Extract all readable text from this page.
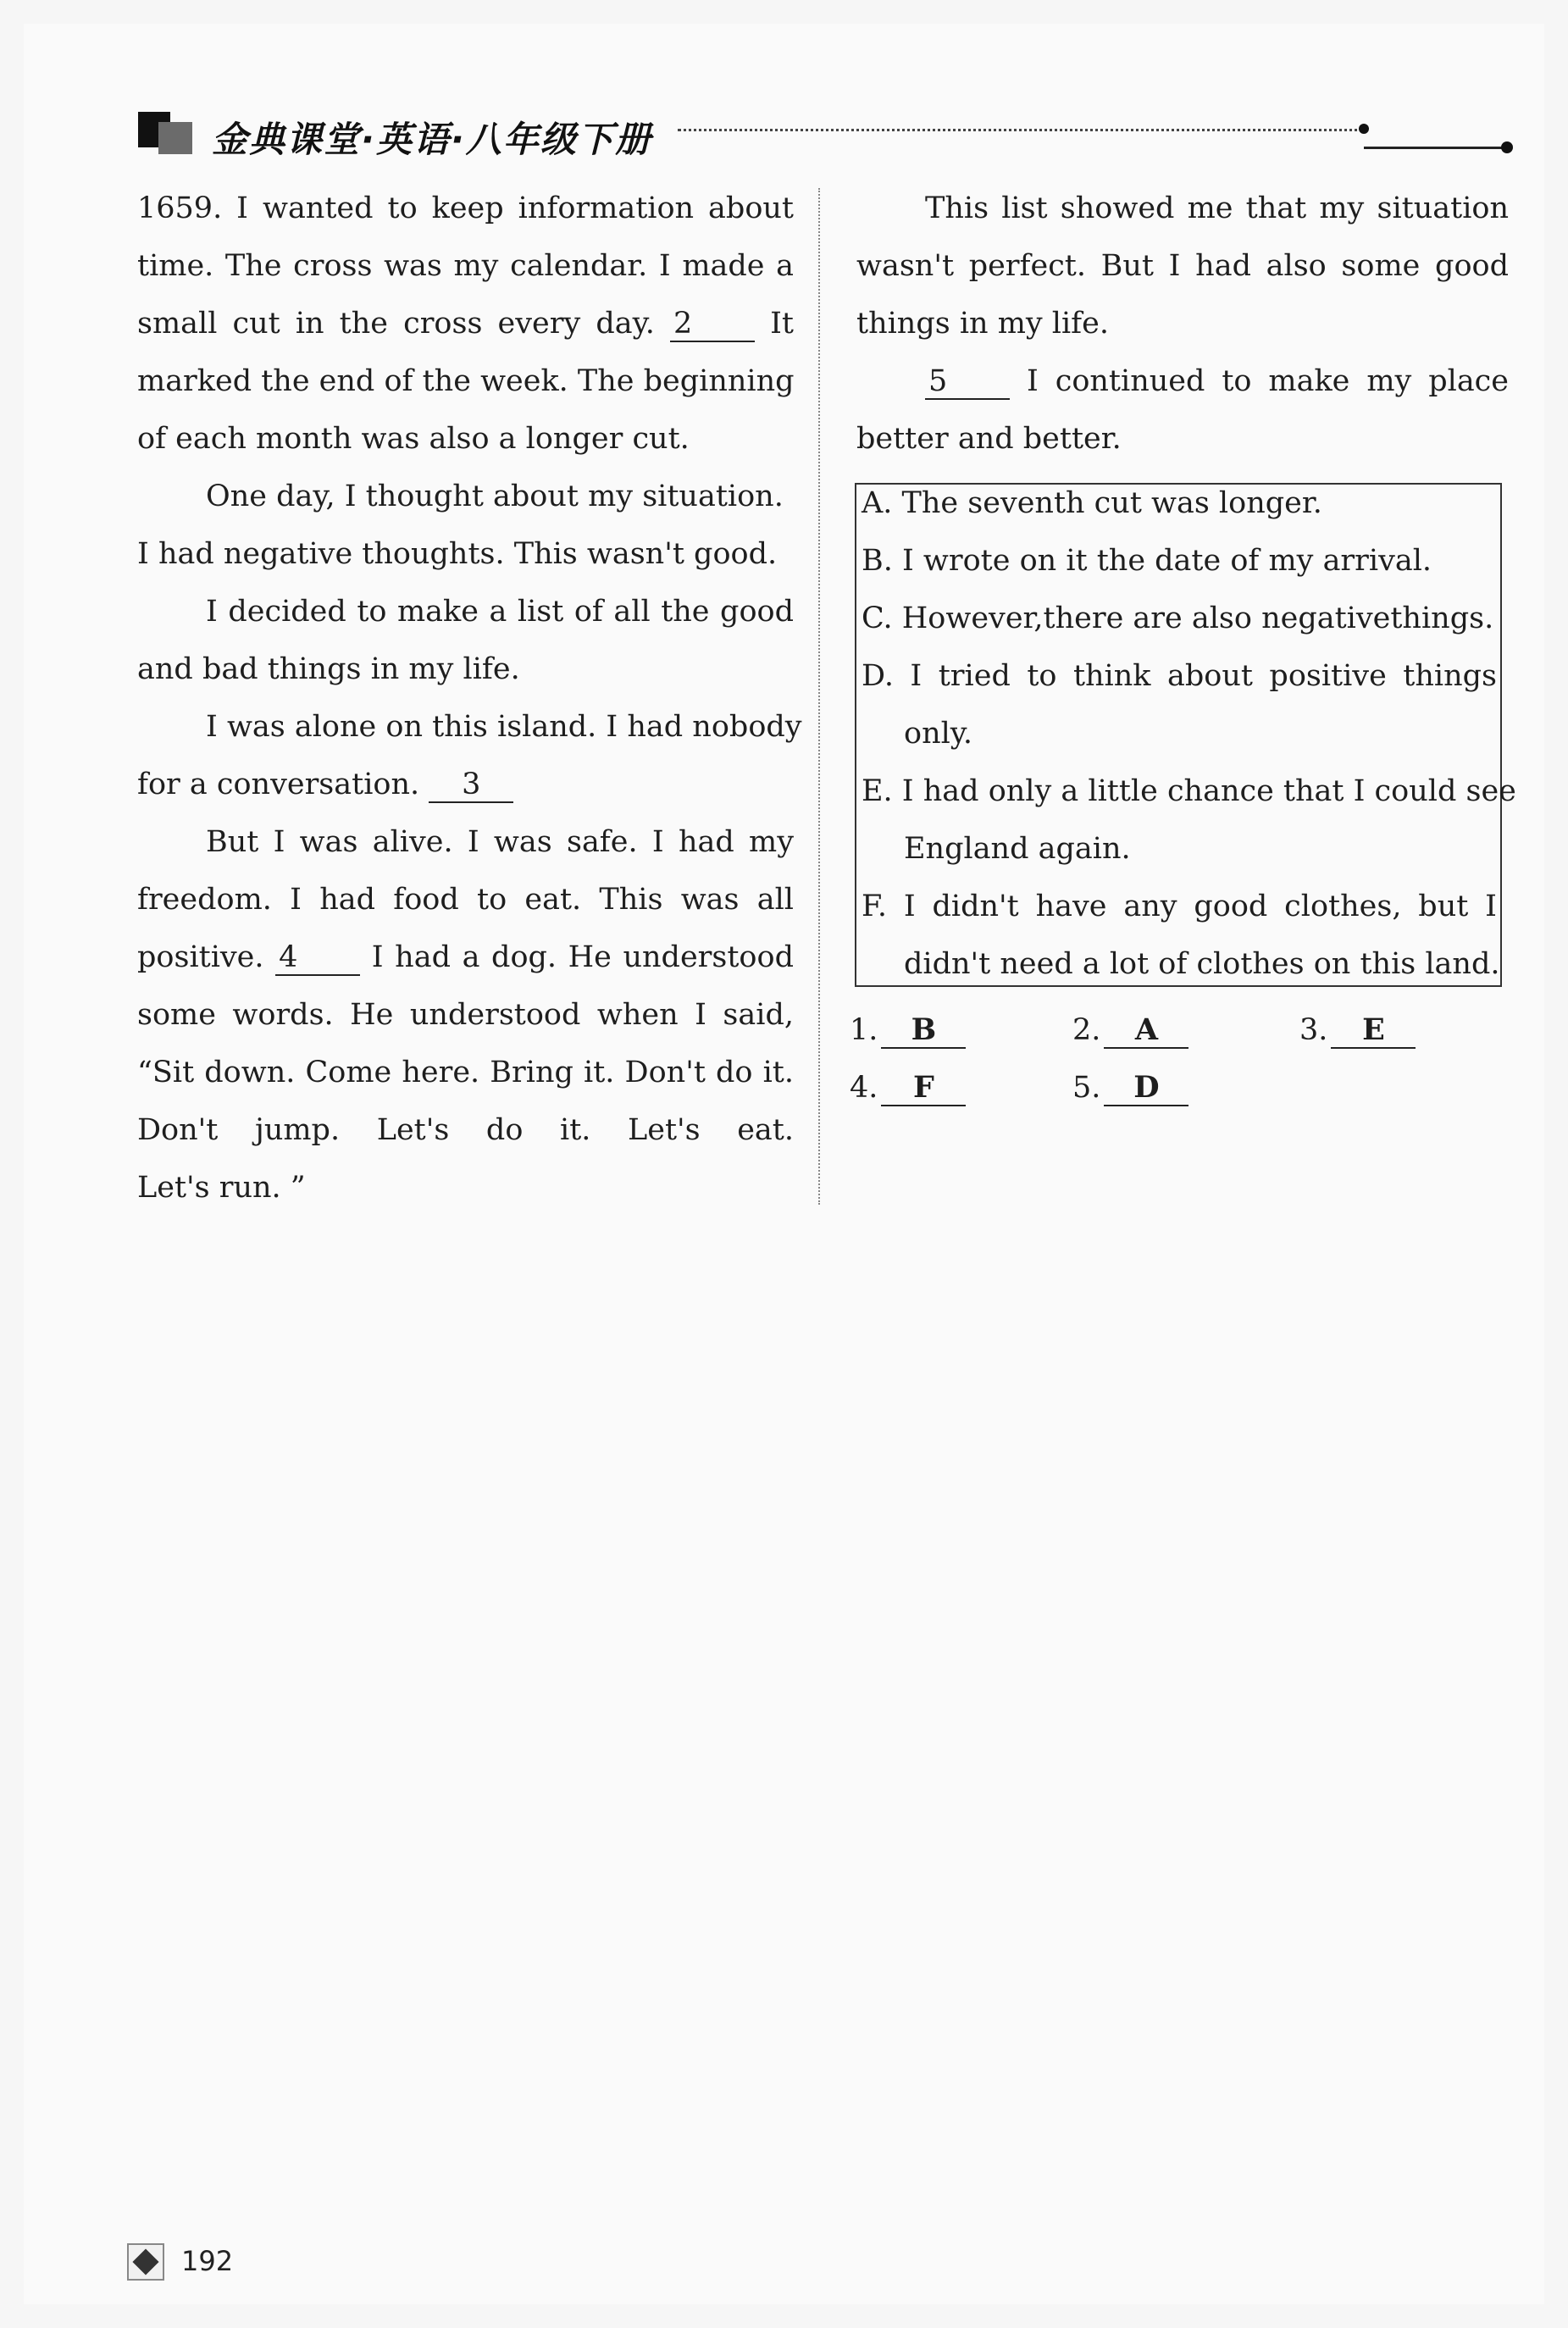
金典课堂·英语·八年级下册
1659. I wanted to keep information about
time. The cross was my calendar. I made a
small cut in the cross every day. 2	It
marked the end of the week. The beginning
of each month was also a longer cut.
One day, I thought about my situation.
I had negative thoughts. This wasn't good.
I decided to make a list of all the good
and bad things in my life.
I was alone on this island. I had nobody
for a conversation. 3
But I was alive. I was safe. I had my
freedom. I had food to eat. This was all
positive. 4 I had a dog. He understood
some words. He understood when I said,
“Sit down. Come here. Bring it. Don't do it.
Don't jump. Let's do it. Let's eat.
Let's run. ”
This list showed me that my situation
wasn't perfect. But I had also some good
things in my life.
5	I continued to make my place
better and better.
A. The seventh cut was longer.
B. I wrote on it the date of my arrival.
C. However,there are also negativethings.
D. I tried to think about positive things
only.
E. I had only a little chance that I could see
England again.
F. I didn't have any good clothes, but I
didn't need a lot of clothes on this land.
1. B	2. A	3. E
4. F	5. D
192
